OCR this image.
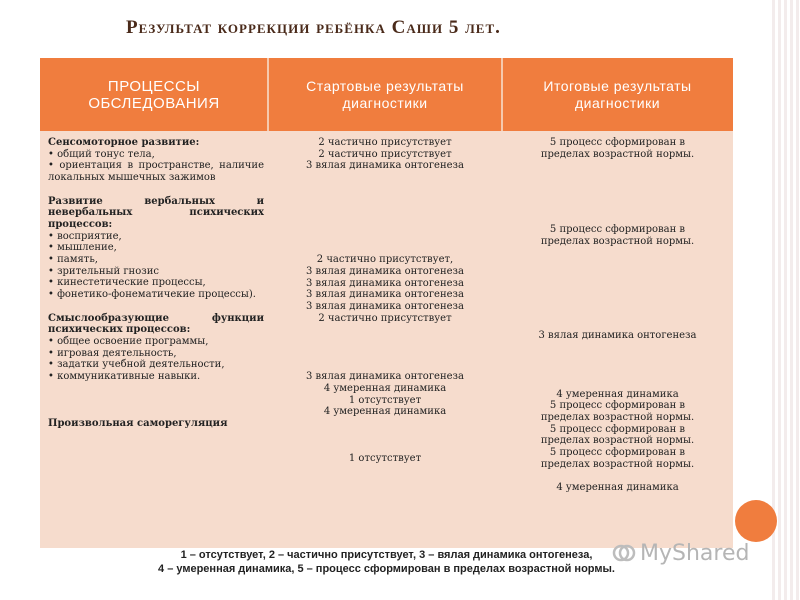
Результат коррекции ребёнка Саши 5 лет.
ПРОЦЕССЫ ОБСЛЕДОВАНИЯ
Стартовые результаты диагностики
Итоговые результаты диагностики
Сенсомоторное развитие:
• общий тонус тела,
• ориентация в пространстве, наличие локальных мышечных зажимов
Развитие вербальных и невербальных психических процессов:
• восприятие,
• мышление,
• память,
• зрительный гнозис
• кинестетические процессы,
• фонетико-фонематичекие процессы).
Смыслообразующие функции психических процессов:
• общее освоение программы,
• игровая деятельность,
• задатки учебной деятельности,
• коммуникативные навыки.
Произвольная саморегуляция
2 частично присутствует
2 частично присутствует
3 вялая динамика онтогенеза
2 частично присутствует,
3 вялая динамика онтогенеза
3 вялая динамика онтогенеза
3 вялая динамика онтогенеза
3 вялая динамика онтогенеза
2 частично присутствует
3 вялая динамика онтогенеза
4 умеренная динамика
1 отсутствует
4 умеренная динамика
1 отсутствует
5 процесс сформирован в пределах возрастной нормы.
5 процесс сформирован в пределах возрастной нормы.
3 вялая динамика онтогенеза
4 умеренная динамика
5 процесс сформирован в пределах возрастной нормы.
5 процесс сформирован в пределах возрастной нормы.
5 процесс сформирован в пределах возрастной нормы.
4 умеренная динамика
MyShared
1 – отсутствует, 2 – частично присутствует, 3 – вялая динамика онтогенеза,
4 – умеренная динамика, 5 – процесс сформирован в пределах возрастной нормы.
